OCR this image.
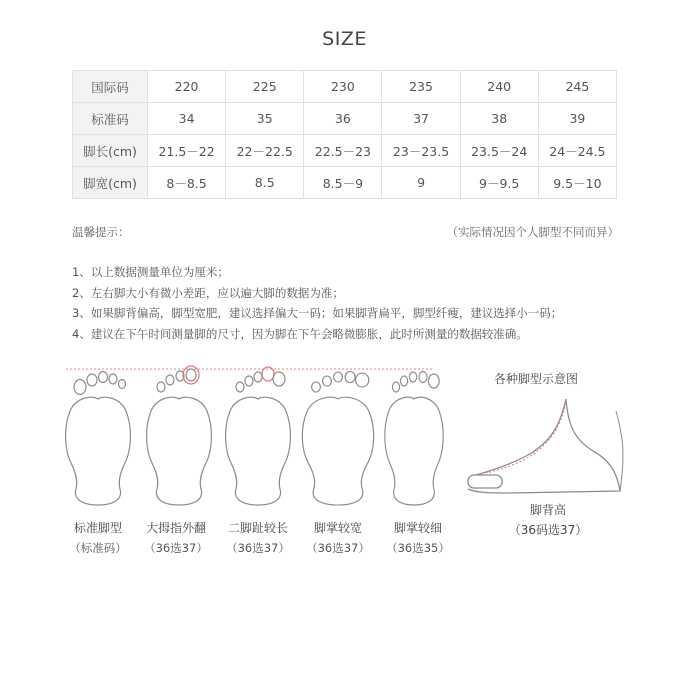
SIZE
国际码	220	225	230	235	240	245
标准码	34	35	36	37	38	39
脚长(cm)	21.5－22	22－22.5	22.5－23	23－23.5	23.5－24	24－24.5
脚宽(cm)	8－8.5	8.5	8.5－9	9	9－9.5	9.5－10
温馨提示：	（实际情况因个人脚型不同而异）
1、以上数据测量单位为厘米；
2、左右脚大小有微小差距，应以遍大脚的数据为准；
3、如果脚背偏高，脚型宽肥，建议选择偏大一码；如果脚背扁平，脚型纤瘦，建议选择小一码；
4、建议在下午时间测量脚的尺寸，因为脚在下午会略微膨胀，此时所测量的数据较准确。
标准脚型
（标准码）
大拇指外翻
（36选37）
二脚趾较长
（36选37）
脚掌较宽
（36选37）
脚掌较细
（36选35）
各种脚型示意图
脚背高
（36码选37）
